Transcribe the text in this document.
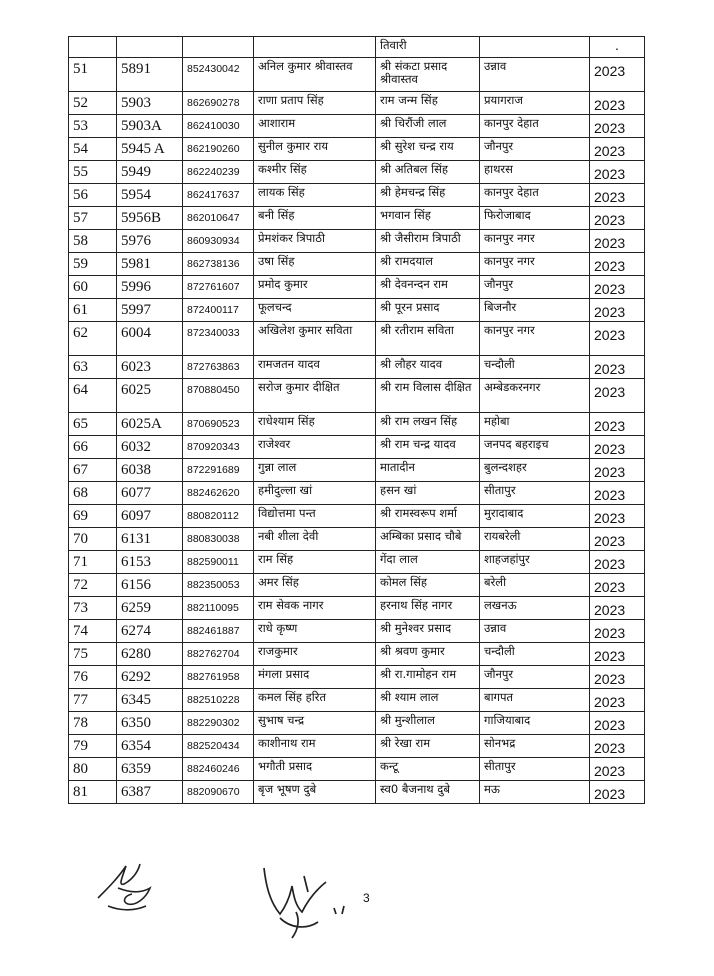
				तिवारी		.
51	5891	852430042	अनिल कुमार श्रीवास्तव	श्री संकटा प्रसाद श्रीवास्तव	उन्नाव	2023
52	5903	862690278	राणा प्रताप सिंह	राम जन्म सिंह	प्रयागराज	2023
53	5903A	862410030	आशाराम	श्री चिरौंजी लाल	कानपुर देहात	2023
54	5945 A	862190260	सुनील कुमार राय	श्री सुरेश चन्द्र राय	जौनपुर	2023
55	5949	862240239	कश्मीर सिंह	श्री अतिबल सिंह	हाथरस	2023
56	5954	862417637	लायक सिंह	श्री हेमचन्द्र सिंह	कानपुर देहात	2023
57	5956B	862010647	बनी सिंह	भगवान सिंह	फिरोजाबाद	2023
58	5976	860930934	प्रेमशंकर त्रिपाठी	श्री जैसीराम त्रिपाठी	कानपुर नगर	2023
59	5981	862738136	उषा सिंह	श्री रामदयाल	कानपुर नगर	2023
60	5996	872761607	प्रमोद कुमार	श्री देवनन्दन राम	जौनपुर	2023
61	5997	872400117	फूलचन्द	श्री पूरन प्रसाद	बिजनौर	2023
62	6004	872340033	अखिलेश कुमार सविता	श्री रतीराम सविता	कानपुर नगर	2023
63	6023	872763863	रामजतन यादव	श्री लौहर यादव	चन्दौली	2023
64	6025	870880450	सरोज कुमार दीक्षित	श्री राम विलास दीक्षित	अम्बेडकरनगर	2023
65	6025A	870690523	राधेश्याम सिंह	श्री राम लखन सिंह	महोबा	2023
66	6032	870920343	राजेश्वर	श्री राम चन्द्र यादव	जनपद बहराइच	2023
67	6038	872291689	गुन्ना लाल	मातादीन	बुलन्दशहर	2023
68	6077	882462620	हमीदुल्ला खां	हसन खां	सीतापुर	2023
69	6097	880820112	विद्योत्तमा पन्त	श्री रामस्वरूप शर्मा	मुरादाबाद	2023
70	6131	880830038	नबी शीला देवी	अम्बिका प्रसाद चौबे	रायबरेली	2023
71	6153	882590011	राम सिंह	गेंदा लाल	शाहजहांपुर	2023
72	6156	882350053	अमर सिंह	कोमल सिंह	बरेली	2023
73	6259	882110095	राम सेवक नागर	हरनाथ सिंह नागर	लखनऊ	2023
74	6274	882461887	राधे कृष्ण	श्री मुनेश्वर प्रसाद	उन्नाव	2023
75	6280	882762704	राजकुमार	श्री श्रवण कुमार	चन्दौली	2023
76	6292	882761958	मंगला प्रसाद	श्री रा.गामोहन राम	जौनपुर	2023
77	6345	882510228	कमल सिंह हरित	श्री श्याम लाल	बागपत	2023
78	6350	882290302	सुभाष चन्द्र	श्री मुन्शीलाल	गाजियाबाद	2023
79	6354	882520434	काशीनाथ राम	श्री रेखा राम	सोनभद्र	2023
80	6359	882460246	भगौती प्रसाद	कन्टू	सीतापुर	2023
81	6387	882090670	बृज भूषण दुबे	स्व0 बैजनाथ दुबे	मऊ	2023
3
